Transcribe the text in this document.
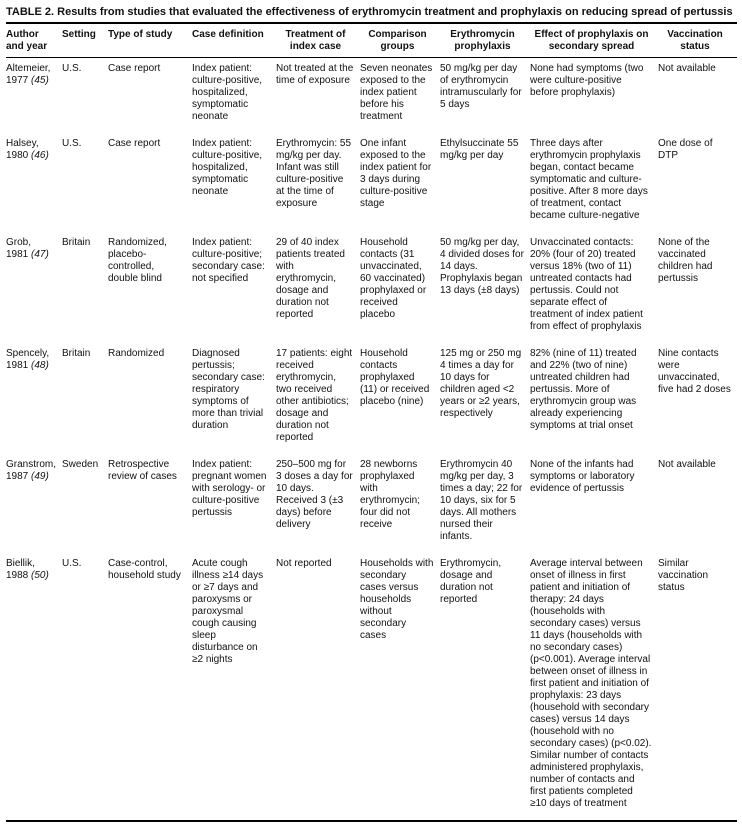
TABLE 2. Results from studies that evaluated the effectiveness of erythromycin treatment and prophylaxis on reducing spread of pertussis
Author and year	Setting	Type of study	Case definition	Treatment of index case	Comparison groups	Erythromycin prophylaxis	Effect of prophylaxis on secondary spread	Vaccination status
Altemeier, 1977 (45)	U.S.	Case report	Index patient: culture-positive, hospitalized, symptomatic neonate	Not treated at the time of exposure	Seven neonates exposed to the index patient before his treatment	50 mg/kg per day of erythromycin intramuscularly for 5 days	None had symptoms (two were culture-positive before prophylaxis)	Not available
Halsey, 1980 (46)	U.S.	Case report	Index patient: culture-positive, hospitalized, symptomatic neonate	Erythromycin: 55 mg/kg per day. Infant was still culture-positive at the time of exposure	One infant exposed to the index patient for 3 days during culture-positive stage	Ethylsuccinate 55 mg/kg per day	Three days after erythromycin prophylaxis began, contact became symptomatic and culture-positive. After 8 more days of treatment, contact became culture-negative	One dose of DTP
Grob, 1981 (47)	Britain	Randomized, placebo-controlled, double blind	Index patient: culture-positive; secondary case: not specified	29 of 40 index patients treated with erythromycin, dosage and duration not reported	Household contacts (31 unvaccinated, 60 vaccinated) prophylaxed or received placebo	50 mg/kg per day, 4 divided doses for 14 days. Prophylaxis began 13 days (±8 days)	Unvaccinated contacts: 20% (four of 20) treated versus 18% (two of 11) untreated contacts had pertussis. Could not separate effect of treatment of index patient from effect of prophylaxis	None of the vaccinated children had pertussis
Spencely, 1981 (48)	Britain	Randomized	Diagnosed pertussis; secondary case: respiratory symptoms of more than trivial duration	17 patients: eight received erythromycin, two received other antibiotics; dosage and duration not reported	Household contacts prophylaxed (11) or received placebo (nine)	125 mg or 250 mg 4 times a day for 10 days for children aged <2 years or ≥2 years, respectively	82% (nine of 11) treated and 22% (two of nine) untreated children had pertussis. More of erythromycin group was already experiencing symptoms at trial onset	Nine contacts were unvaccinated, five had 2 doses
Granstrom, 1987 (49)	Sweden	Retrospective review of cases	Index patient: pregnant women with serology- or culture-positive pertussis	250–500 mg for 3 doses a day for 10 days. Received 3 (±3 days) before delivery	28 newborns prophylaxed with erythromycin; four did not receive	Erythromycin 40 mg/kg per day, 3 times a day; 22 for 10 days, six for 5 days. All mothers nursed their infants.	None of the infants had symptoms or laboratory evidence of pertussis	Not available
Biellik, 1988 (50)	U.S.	Case-control, household study	Acute cough illness ≥14 days or ≥7 days and paroxysms or paroxysmal cough causing sleep disturbance on ≥2 nights	Not reported	Households with secondary cases versus households without secondary cases	Erythromycin, dosage and duration not reported	Average interval between onset of illness in first patient and initiation of therapy: 24 days (households with secondary cases) versus 11 days (households with no secondary cases) (p<0.001). Average interval between onset of illness in first patient and initiation of prophylaxis: 23 days (household with secondary cases) versus 14 days (household with no secondary cases) (p<0.02). Similar number of contacts administered prophylaxis, number of contacts and first patients completed ≥10 days of treatment	Similar vaccination status
